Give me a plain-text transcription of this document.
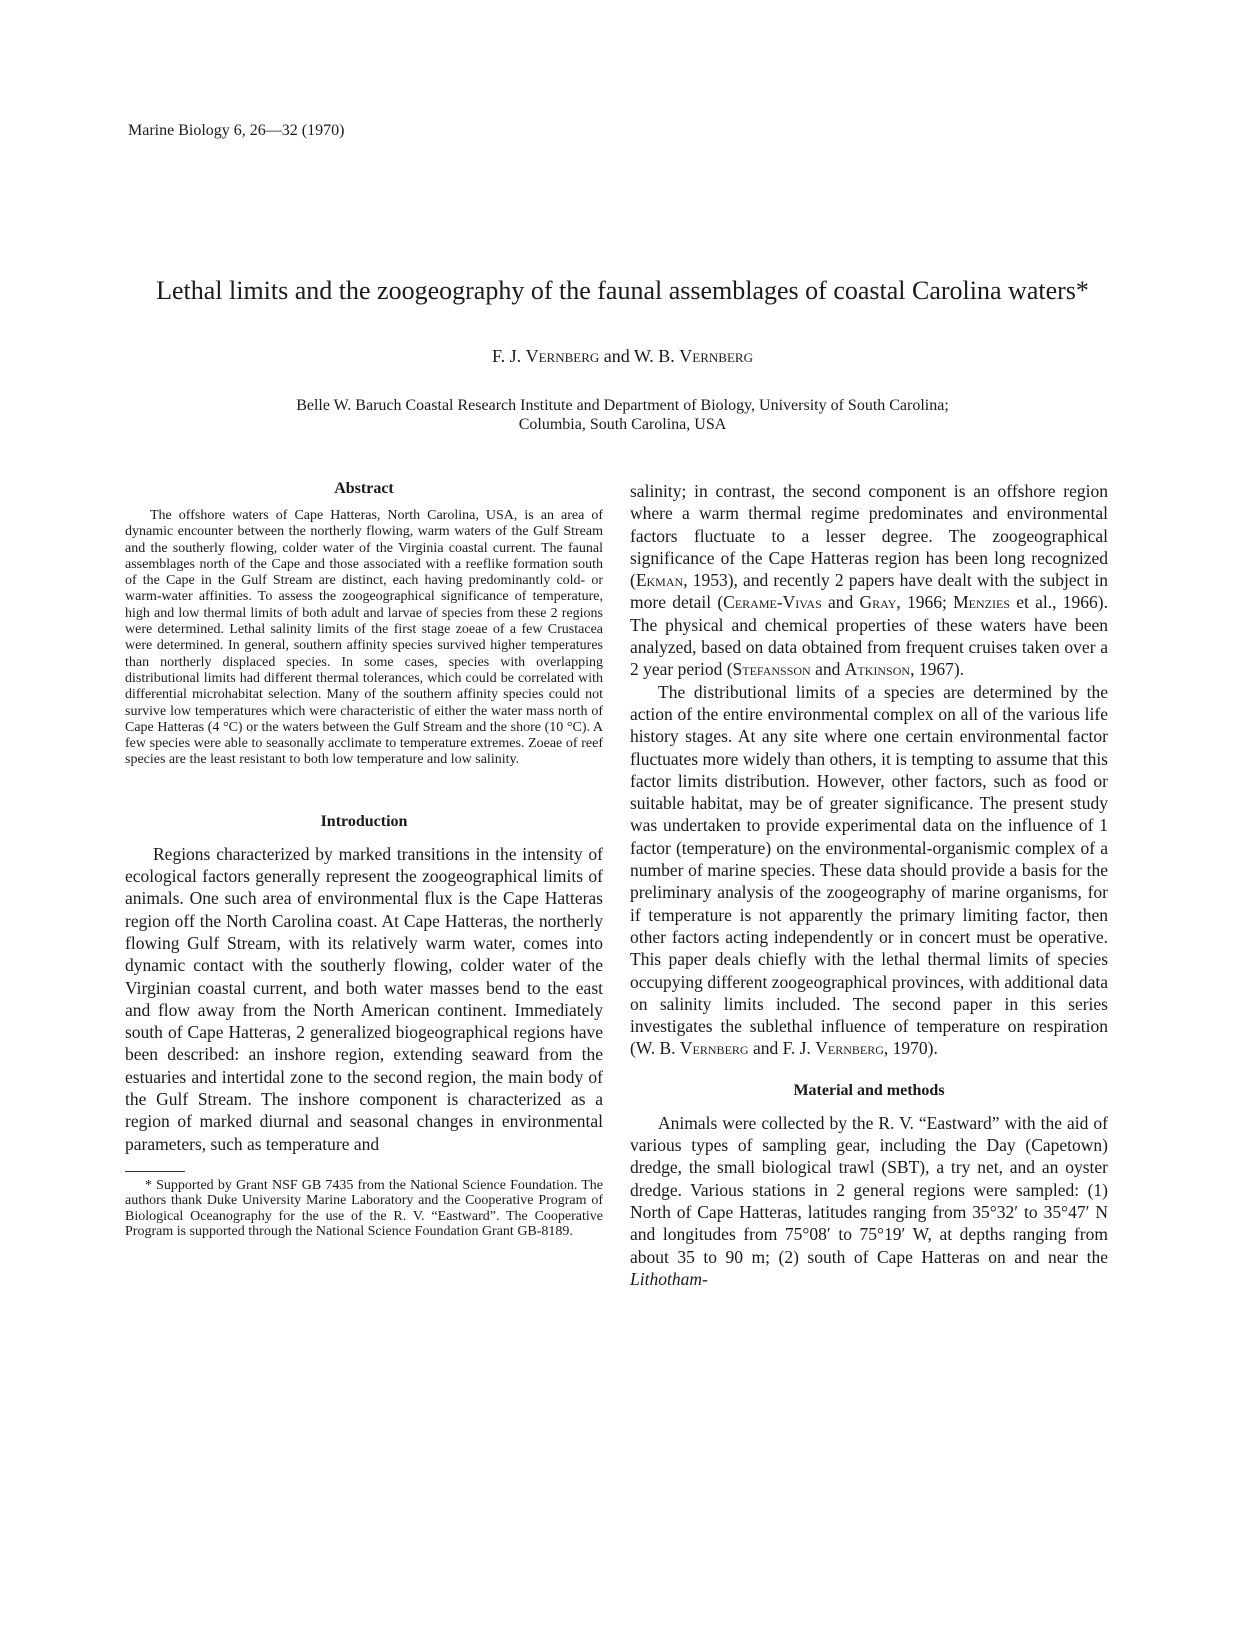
Marine Biology 6, 26—32 (1970)
Lethal limits and the zoogeography of the faunal assemblages of coastal Carolina waters*
F. J. Vernberg and W. B. Vernberg
Belle W. Baruch Coastal Research Institute and Department of Biology, University of South Carolina;
Columbia, South Carolina, USA
Abstract

The offshore waters of Cape Hatteras, North Carolina, USA, is an area of dynamic encounter between the northerly flowing, warm waters of the Gulf Stream and the southerly flowing, colder water of the Virginia coastal current. The faunal assemblages north of the Cape and those associated with a reeflike formation south of the Cape in the Gulf Stream are distinct, each having predominantly cold- or warm-water affinities. To assess the zoogeographical significance of temperature, high and low thermal limits of both adult and larvae of species from these 2 regions were determined. Lethal salinity limits of the first stage zoeae of a few Crustacea were determined. In general, southern affinity species survived higher temperatures than northerly displaced species. In some cases, species with overlapping distributional limits had different thermal tolerances, which could be correlated with differential microhabitat selection. Many of the southern affinity species could not survive low temperatures which were characteristic of either the water mass north of Cape Hatteras (4 °C) or the waters between the Gulf Stream and the shore (10 °C). A few species were able to seasonally acclimate to temperature extremes. Zoeae of reef species are the least resistant to both low temperature and low salinity.

Introduction

Regions characterized by marked transitions in the intensity of ecological factors generally represent the zoogeographical limits of animals. One such area of environmental flux is the Cape Hatteras region off the North Carolina coast. At Cape Hatteras, the northerly flowing Gulf Stream, with its relatively warm water, comes into dynamic contact with the southerly flowing, colder water of the Virginian coastal current, and both water masses bend to the east and flow away from the North American continent. Immediately south of Cape Hatteras, 2 generalized biogeographical regions have been described: an inshore region, extending seaward from the estuaries and intertidal zone to the second region, the main body of the Gulf Stream. The inshore component is characterized as a region of marked diurnal and seasonal changes in environmental parameters, such as temperature and

* Supported by Grant NSF GB 7435 from the National Science Foundation. The authors thank Duke University Marine Laboratory and the Cooperative Program of Biological Oceanography for the use of the R. V. “Eastward”. The Cooperative Program is supported through the National Science Foundation Grant GB-8189.

salinity; in contrast, the second component is an offshore region where a warm thermal regime predominates and environmental factors fluctuate to a lesser degree. The zoogeographical significance of the Cape Hatteras region has been long recognized (Ekman, 1953), and recently 2 papers have dealt with the subject in more detail (Cerame-Vivas and Gray, 1966; Menzies et al., 1966). The physical and chemical properties of these waters have been analyzed, based on data obtained from frequent cruises taken over a 2 year period (Stefansson and Atkinson, 1967).

The distributional limits of a species are determined by the action of the entire environmental complex on all of the various life history stages. At any site where one certain environmental factor fluctuates more widely than others, it is tempting to assume that this factor limits distribution. However, other factors, such as food or suitable habitat, may be of greater significance. The present study was undertaken to provide experimental data on the influence of 1 factor (temperature) on the environmental-organismic complex of a number of marine species. These data should provide a basis for the preliminary analysis of the zoogeography of marine organisms, for if temperature is not apparently the primary limiting factor, then other factors acting independently or in concert must be operative. This paper deals chiefly with the lethal thermal limits of species occupying different zoogeographical provinces, with additional data on salinity limits included. The second paper in this series investigates the sublethal influence of temperature on respiration (W. B. Vernberg and F. J. Vernberg, 1970).

Material and methods

Animals were collected by the R. V. “Eastward” with the aid of various types of sampling gear, including the Day (Capetown) dredge, the small biological trawl (SBT), a try net, and an oyster dredge. Various stations in 2 general regions were sampled: (1) North of Cape Hatteras, latitudes ranging from 35°32′ to 35°47′ N and longitudes from 75°08′ to 75°19′ W, at depths ranging from about 35 to 90 m; (2) south of Cape Hatteras on and near the Lithotham-
